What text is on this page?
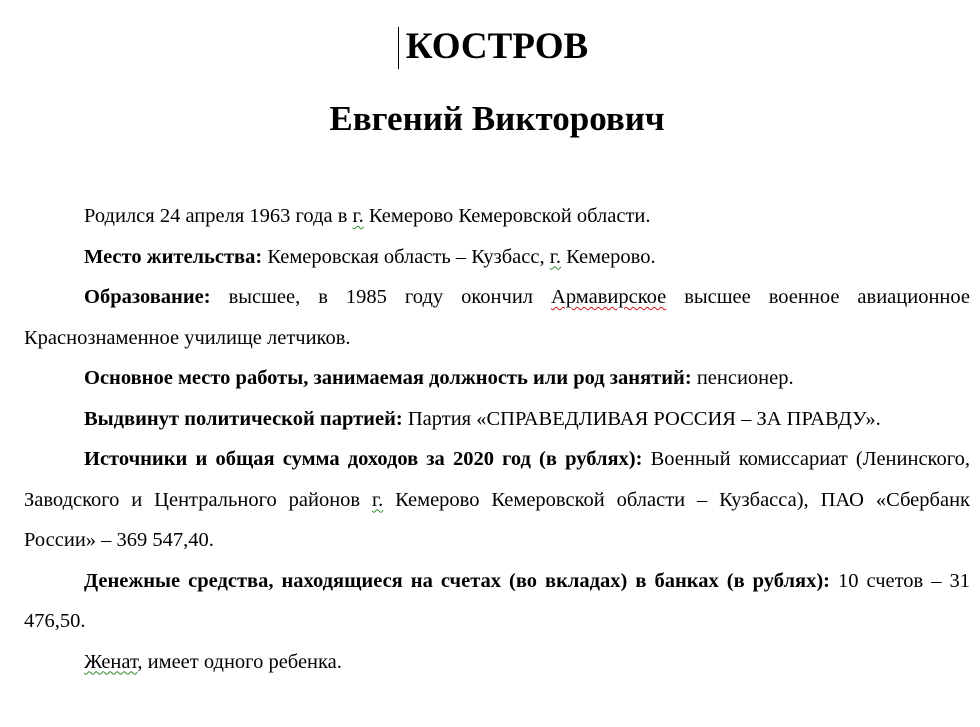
КОСТРОВ
Евгений Викторович

Родился 24 апреля 1963 года в г. Кемерово Кемеровской области.

Место жительства: Кемеровская область – Кузбасс, г. Кемерово.

Образование: высшее, в 1985 году окончил Армавирское высшее военное авиационное Краснознаменное училище летчиков.

Основное место работы, занимаемая должность или род занятий: пенсионер.

Выдвинут политической партией: Партия «СПРАВЕДЛИВАЯ РОССИЯ – ЗА ПРАВДУ».

Источники и общая сумма доходов за 2020 год (в рублях): Военный комиссариат (Ленинского, Заводского и Центрального районов г. Кемерово Кемеровской области – Кузбасса), ПАО «Сбербанк России» – 369 547,40.

Денежные средства, находящиеся на счетах (во вкладах) в банках (в рублях): 10 счетов – 31 476,50.

Женат, имеет одного ребенка.
